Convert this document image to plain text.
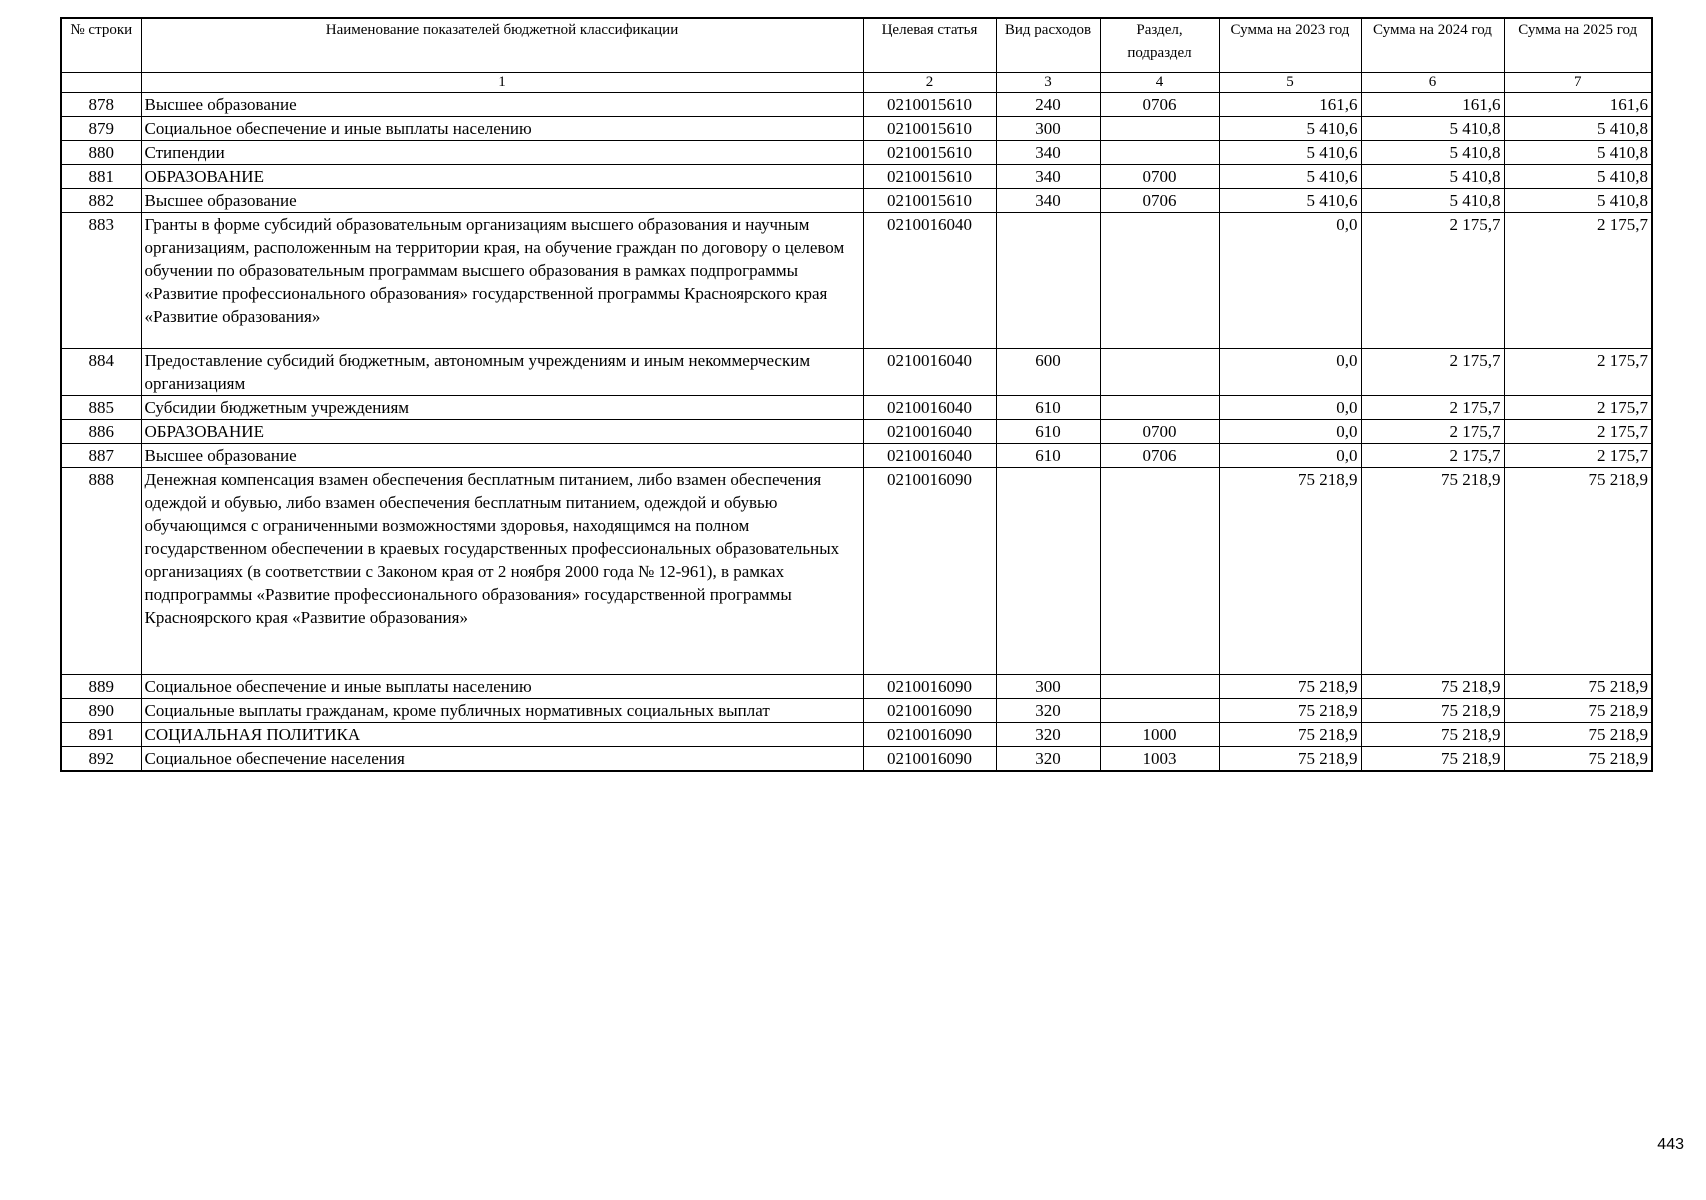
№ строки	Наименование показателей бюджетной классификации	Целевая статья	Вид расходов	Раздел, подраздел	Сумма на 2023 год	Сумма на 2024 год	Сумма на 2025 год
	1	2	3	4	5	6	7
878	Высшее образование	0210015610	240	0706	161,6	161,6	161,6
879	Социальное обеспечение и иные выплаты населению	0210015610	300		5 410,6	5 410,8	5 410,8
880	Стипендии	0210015610	340		5 410,6	5 410,8	5 410,8
881	ОБРАЗОВАНИЕ	0210015610	340	0700	5 410,6	5 410,8	5 410,8
882	Высшее образование	0210015610	340	0706	5 410,6	5 410,8	5 410,8
883	Гранты в форме субсидий образовательным организациям высшего образования и научным организациям, расположенным на территории края, на обучение граждан по договору о целевом обучении по образовательным программам высшего образования в рамках подпрограммы «Развитие профессионального образования» государственной программы Красноярского края «Развитие образования»	0210016040			0,0	2 175,7	2 175,7
884	Предоставление субсидий бюджетным, автономным учреждениям и иным некоммерческим организациям	0210016040	600		0,0	2 175,7	2 175,7
885	Субсидии бюджетным учреждениям	0210016040	610		0,0	2 175,7	2 175,7
886	ОБРАЗОВАНИЕ	0210016040	610	0700	0,0	2 175,7	2 175,7
887	Высшее образование	0210016040	610	0706	0,0	2 175,7	2 175,7
888	Денежная компенсация взамен обеспечения бесплатным питанием, либо взамен обеспечения одеждой и обувью, либо взамен обеспечения бесплатным питанием, одеждой и обувью обучающимся с ограниченными возможностями здоровья, находящимся на полном государственном обеспечении в краевых государственных профессиональных образовательных организациях (в соответствии с Законом края от 2 ноября 2000 года № 12-961), в рамках подпрограммы «Развитие профессионального образования» государственной программы Красноярского края «Развитие образования»	0210016090			75 218,9	75 218,9	75 218,9
889	Социальное обеспечение и иные выплаты населению	0210016090	300		75 218,9	75 218,9	75 218,9
890	Социальные выплаты гражданам, кроме публичных нормативных социальных выплат	0210016090	320		75 218,9	75 218,9	75 218,9
891	СОЦИАЛЬНАЯ ПОЛИТИКА	0210016090	320	1000	75 218,9	75 218,9	75 218,9
892	Социальное обеспечение населения	0210016090	320	1003	75 218,9	75 218,9	75 218,9
443
